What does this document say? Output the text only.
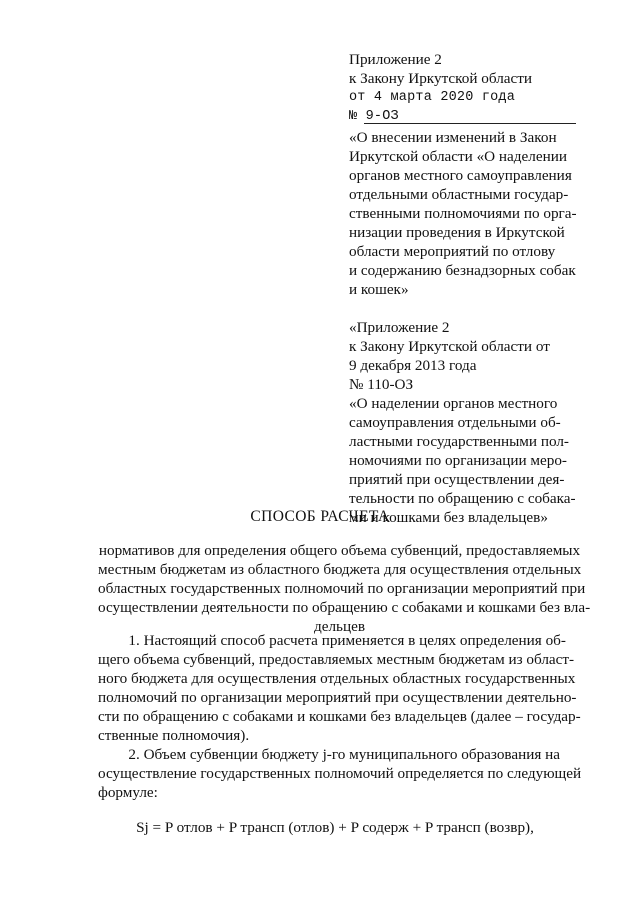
Приложение 2
к Закону Иркутской области
от 4 марта 2020 года
№ 9-ОЗ
«О внесении изменений в Закон
Иркутской области «О наделении
органов местного самоуправления
отдельными областными государ-
ственными полномочиями по орга-
низации проведения в Иркутской
области мероприятий по отлову
и содержанию безнадзорных собак
и кошек»
«Приложение 2
к Закону Иркутской области от
9 декабря 2013 года
№ 110-ОЗ
«О наделении органов местного
самоуправления отдельными об-
ластными государственными пол-
номочиями по организации меро-
приятий при осуществлении дея-
тельности по обращению с собака-
ми и кошками без владельцев»
СПОСОБ РАСЧЕТА
нормативов для определения общего объема субвенций, предоставляемых
местным бюджетам из областного бюджета для осуществления отдельных
областных государственных полномочий по организации мероприятий при
осуществлении деятельности по обращению с собаками и кошками без вла-
дельцев
1. Настоящий способ расчета применяется в целях определения об-
щего объема субвенций, предоставляемых местным бюджетам из област-
ного бюджета для осуществления отдельных областных государственных
полномочий по организации мероприятий при осуществлении деятельно-
сти по обращению с собаками и кошками без владельцев (далее – государ-
ственные полномочия).
2. Объем субвенции бюджету j-го муниципального образования на
осуществление государственных полномочий определяется по следующей
формуле:
Sj = P отлов + P трансп (отлов) + P содерж + P трансп (возвр),
